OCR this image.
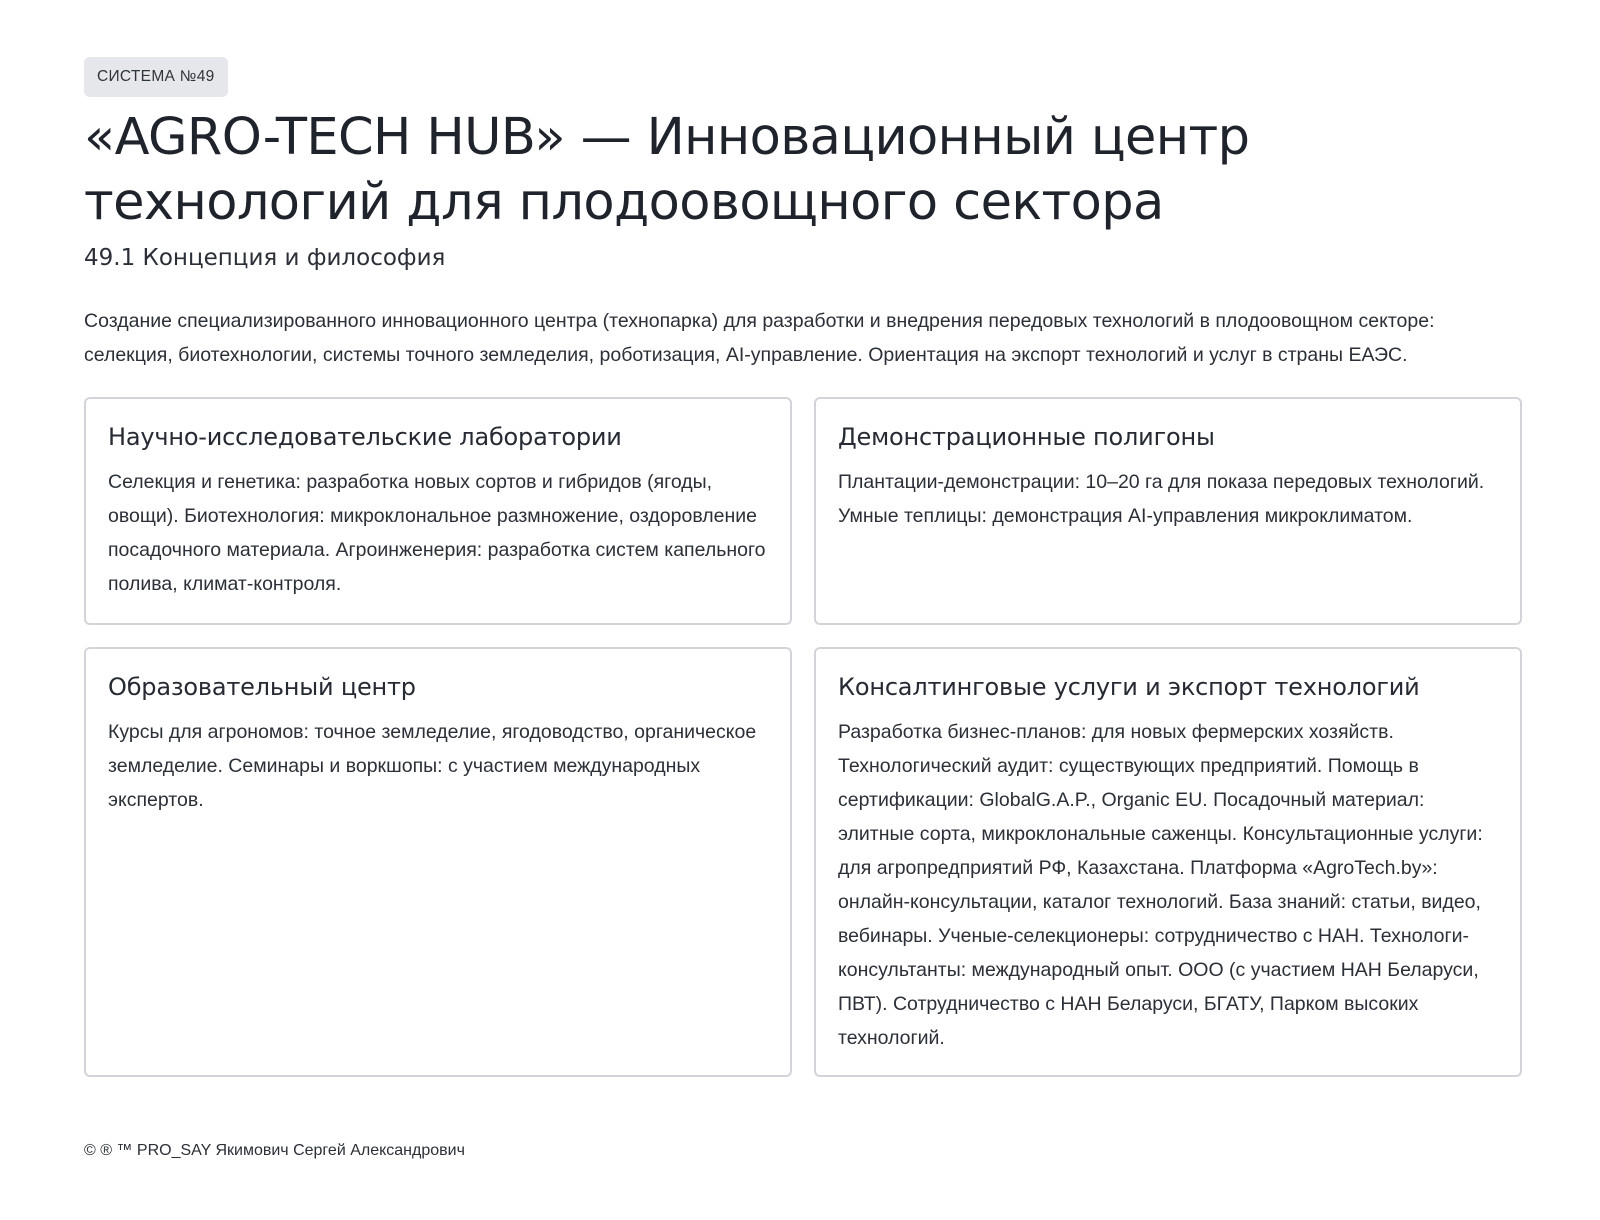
СИСТЕМА №49
«AGRO-TECH HUB» — Инновационный центр
технологий для плодоовощного сектора
49.1 Концепция и философия

Создание специализированного инновационного центра (технопарка) для разработки и внедрения передовых технологий в плодоовощном секторе: селекция, биотехнологии, системы точного земледелия, роботизация, AI-управление. Ориентация на экспорт технологий и услуг в страны ЕАЭС.

Научно-исследовательские лаборатории

Селекция и генетика: разработка новых сортов и гибридов (ягоды, овощи). Биотехнология: микроклональное размножение, оздоровление посадочного материала. Агроинженерия: разработка систем капельного полива, климат-контроля.

Демонстрационные полигоны

Плантации-демонстрации: 10–20 га для показа передовых технологий. Умные теплицы: демонстрация AI-управления микроклиматом.

Образовательный центр

Курсы для агрономов: точное земледелие, ягодоводство, органическое земледелие. Семинары и воркшопы: с участием международных экспертов.

Консалтинговые услуги и экспорт технологий

Разработка бизнес-планов: для новых фермерских хозяйств. Технологический аудит: существующих предприятий. Помощь в сертификации: GlobalG.A.P., Organic EU. Посадочный материал: элитные сорта, микроклональные саженцы. Консультационные услуги: для агропредприятий РФ, Казахстана. Платформа «AgroTech.by»: онлайн-консультации, каталог технологий. База знаний: статьи, видео, вебинары. Ученые-селекционеры: сотрудничество с НАН. Технологи-консультанты: международный опыт. ООО (с участием НАН Беларуси, ПВТ). Сотрудничество с НАН Беларуси, БГАТУ, Парком высоких технологий.

© ® ™ PRO_SAY Якимович Сергей Александрович
